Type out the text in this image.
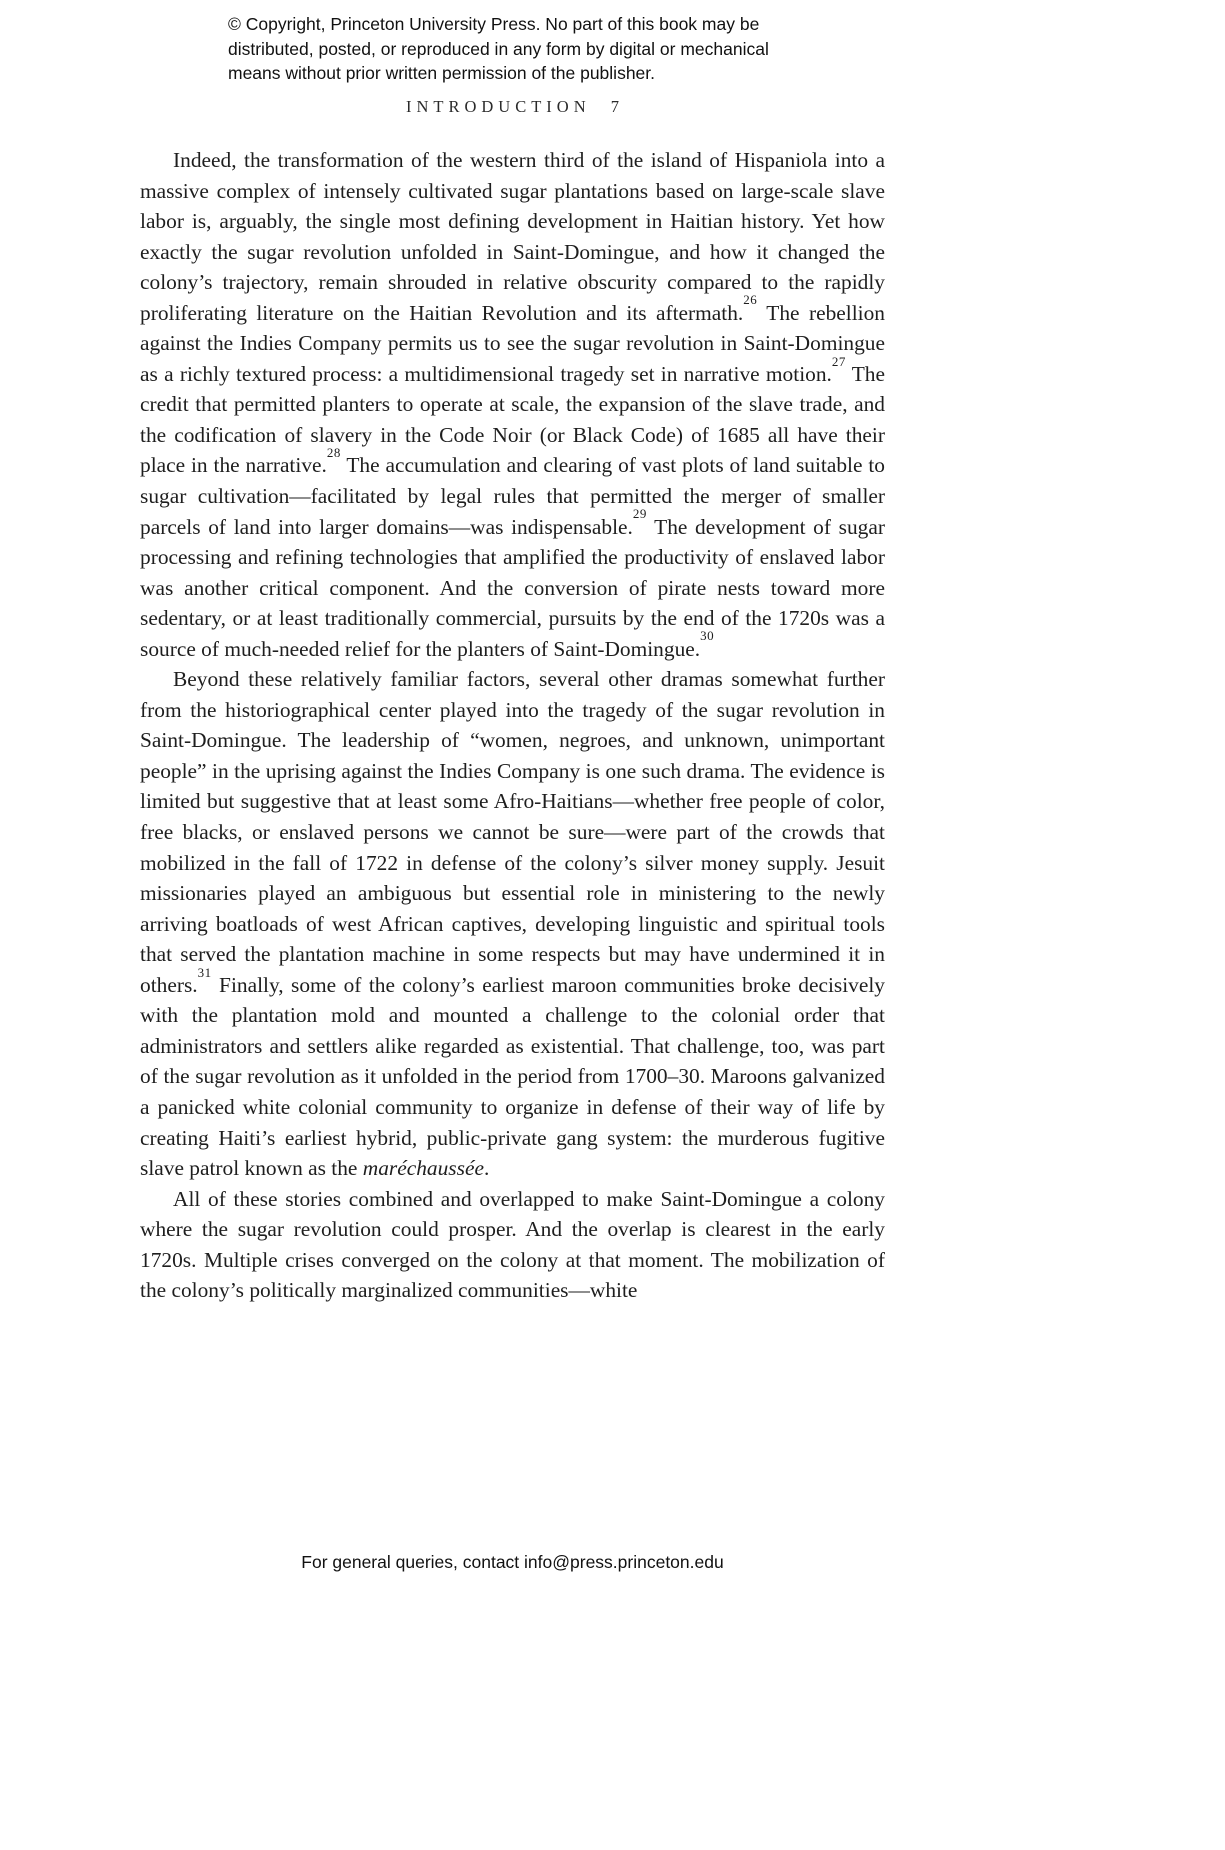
© Copyright, Princeton University Press. No part of this book may be
distributed, posted, or reproduced in any form by digital or mechanical
means without prior written permission of the publisher.
INTRODUCTION 7

Indeed, the transformation of the western third of the island of Hispaniola into a massive complex of intensely cultivated sugar plantations based on large-scale slave labor is, arguably, the single most defining development in Haitian history. Yet how exactly the sugar revolution unfolded in Saint-Domingue, and how it changed the colony’s trajectory, remain shrouded in relative obscurity compared to the rapidly proliferating literature on the Haitian Revolution and its aftermath.$^{26}$ The rebellion against the Indies Company permits us to see the sugar revolution in Saint-Domingue as a richly textured process: a multidimensional tragedy set in narrative motion.$^{27}$ The credit that permitted planters to operate at scale, the expansion of the slave trade, and the codification of slavery in the Code Noir (or Black Code) of 1685 all have their place in the narrative.$^{28}$ The accumulation and clearing of vast plots of land suitable to sugar cultivation—facilitated by legal rules that permitted the merger of smaller parcels of land into larger domains—was indispensable.$^{29}$ The development of sugar processing and refining technologies that amplified the productivity of enslaved labor was another critical component. And the conversion of pirate nests toward more sedentary, or at least traditionally commercial, pursuits by the end of the 1720s was a source of much-needed relief for the planters of Saint-Domingue.$^{30}$

Beyond these relatively familiar factors, several other dramas somewhat further from the historiographical center played into the tragedy of the sugar revolution in Saint-Domingue. The leadership of “women, negroes, and unknown, unimportant people” in the uprising against the Indies Company is one such drama. The evidence is limited but suggestive that at least some Afro-Haitians—whether free people of color, free blacks, or enslaved persons we cannot be sure—were part of the crowds that mobilized in the fall of 1722 in defense of the colony’s silver money supply. Jesuit missionaries played an ambiguous but essential role in ministering to the newly arriving boatloads of west African captives, developing linguistic and spiritual tools that served the plantation machine in some respects but may have undermined it in others.$^{31}$ Finally, some of the colony’s earliest maroon communities broke decisively with the plantation mold and mounted a challenge to the colonial order that administrators and settlers alike regarded as existential. That challenge, too, was part of the sugar revolution as it unfolded in the period from 1700–30. Maroons galvanized a panicked white colonial community to organize in defense of their way of life by creating Haiti’s earliest hybrid, public-private gang system: the murderous fugitive slave patrol known as the maréchaussée.

All of these stories combined and overlapped to make Saint-Domingue a colony where the sugar revolution could prosper. And the overlap is clearest in the early 1720s. Multiple crises converged on the colony at that moment. The mobilization of the colony’s politically marginalized communities—white

For general queries, contact info@press.princeton.edu
